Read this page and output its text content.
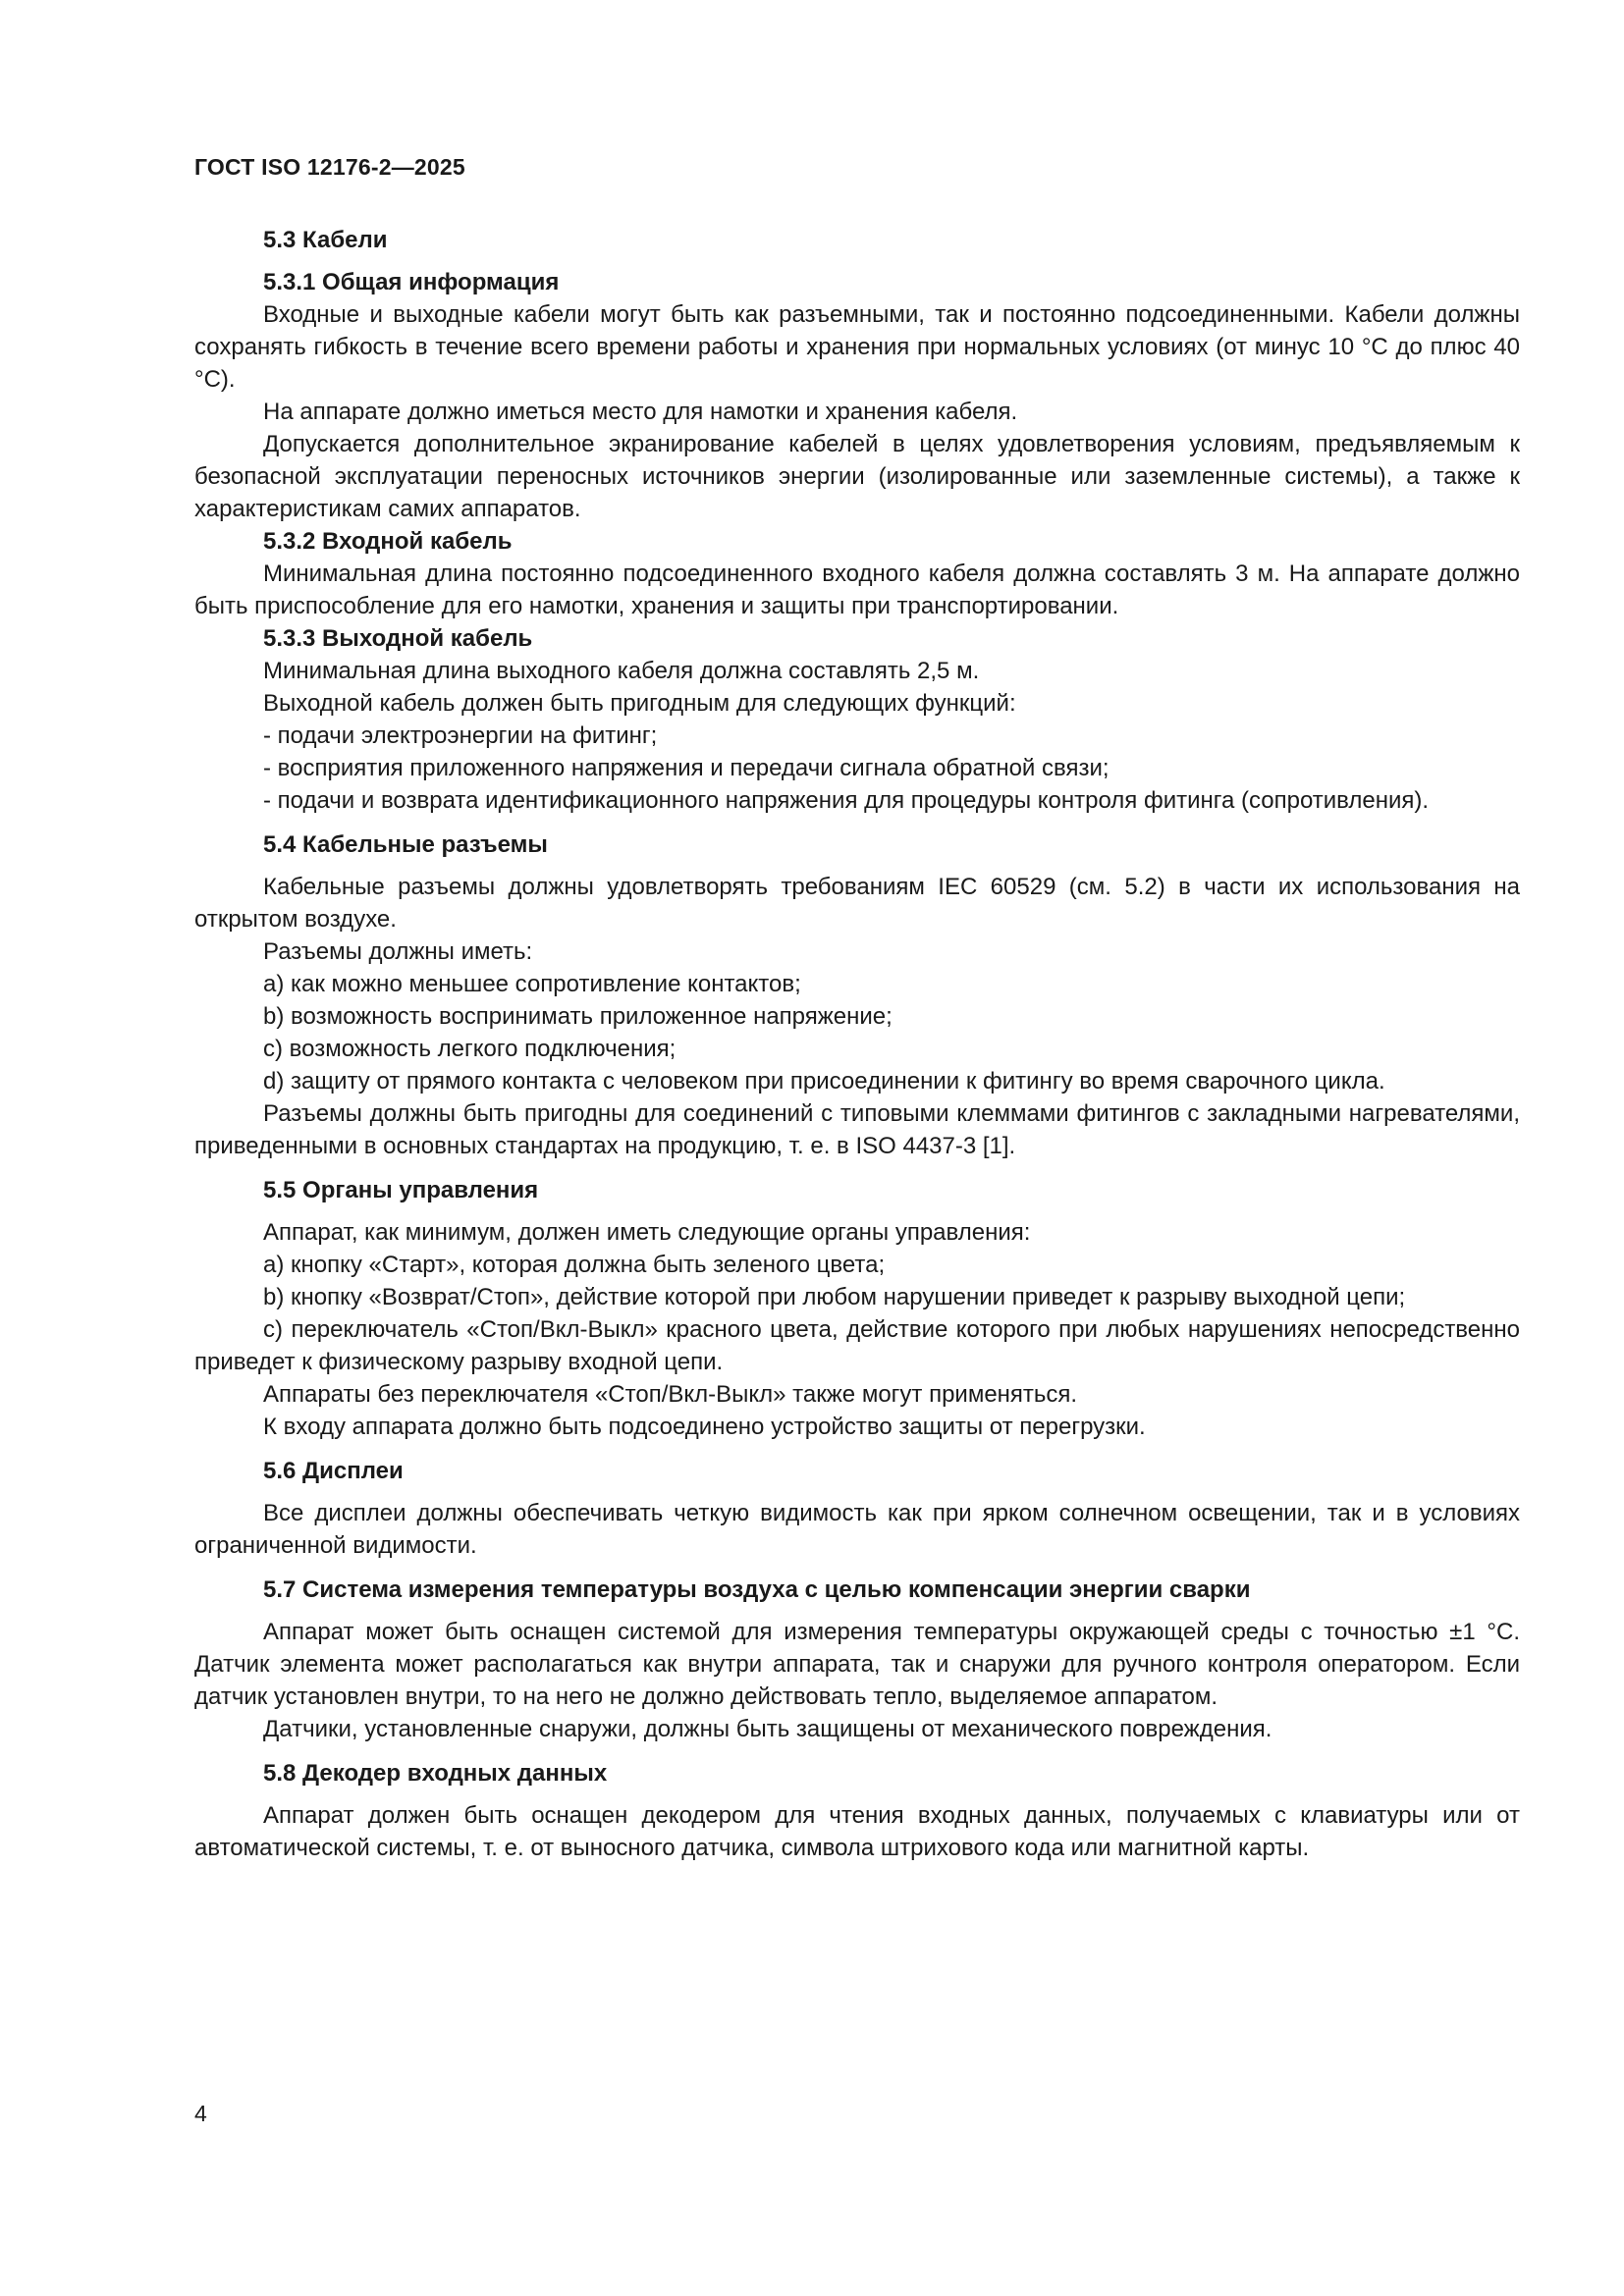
ГОСТ ISO 12176-2—2025
5.3 Кабели
5.3.1 Общая информация
Входные и выходные кабели могут быть как разъемными, так и постоянно подсоединенными. Кабели должны сохранять гибкость в течение всего времени работы и хранения при нормальных условиях (от минус 10 °С до плюс 40 °С).
На аппарате должно иметься место для намотки и хранения кабеля.
Допускается дополнительное экранирование кабелей в целях удовлетворения условиям, предъявляемым к безопасной эксплуатации переносных источников энергии (изолированные или заземленные системы), а также к характеристикам самих аппаратов.
5.3.2 Входной кабель
Минимальная длина постоянно подсоединенного входного кабеля должна составлять 3 м. На аппарате должно быть приспособление для его намотки, хранения и защиты при транспортировании.
5.3.3 Выходной кабель
Минимальная длина выходного кабеля должна составлять 2,5 м.
Выходной кабель должен быть пригодным для следующих функций:
- подачи электроэнергии на фитинг;
- восприятия приложенного напряжения и передачи сигнала обратной связи;
- подачи и возврата идентификационного напряжения для процедуры контроля фитинга (сопротивления).
5.4 Кабельные разъемы
Кабельные разъемы должны удовлетворять требованиям IEC 60529 (см. 5.2) в части их использования на открытом воздухе.
Разъемы должны иметь:
a) как можно меньшее сопротивление контактов;
b) возможность воспринимать приложенное напряжение;
c) возможность легкого подключения;
d) защиту от прямого контакта с человеком при присоединении к фитингу во время сварочного цикла.
Разъемы должны быть пригодны для соединений с типовыми клеммами фитингов с закладными нагревателями, приведенными в основных стандартах на продукцию, т. е. в ISO 4437-3 [1].
5.5 Органы управления
Аппарат, как минимум, должен иметь следующие органы управления:
a) кнопку «Старт», которая должна быть зеленого цвета;
b) кнопку «Возврат/Стоп», действие которой при любом нарушении приведет к разрыву выходной цепи;
c) переключатель «Стоп/Вкл-Выкл» красного цвета, действие которого при любых нарушениях непосредственно приведет к физическому разрыву входной цепи.
Аппараты без переключателя «Стоп/Вкл-Выкл» также могут применяться.
К входу аппарата должно быть подсоединено устройство защиты от перегрузки.
5.6 Дисплеи
Все дисплеи должны обеспечивать четкую видимость как при ярком солнечном освещении, так и в условиях ограниченной видимости.
5.7 Система измерения температуры воздуха с целью компенсации энергии сварки
Аппарат может быть оснащен системой для измерения температуры окружающей среды с точностью ±1 °С. Датчик элемента может располагаться как внутри аппарата, так и снаружи для ручного контроля оператором. Если датчик установлен внутри, то на него не должно действовать тепло, выделяемое аппаратом.
Датчики, установленные снаружи, должны быть защищены от механического повреждения.
5.8 Декодер входных данных
Аппарат должен быть оснащен декодером для чтения входных данных, получаемых с клавиатуры или от автоматической системы, т. е. от выносного датчика, символа штрихового кода или магнитной карты.
4
